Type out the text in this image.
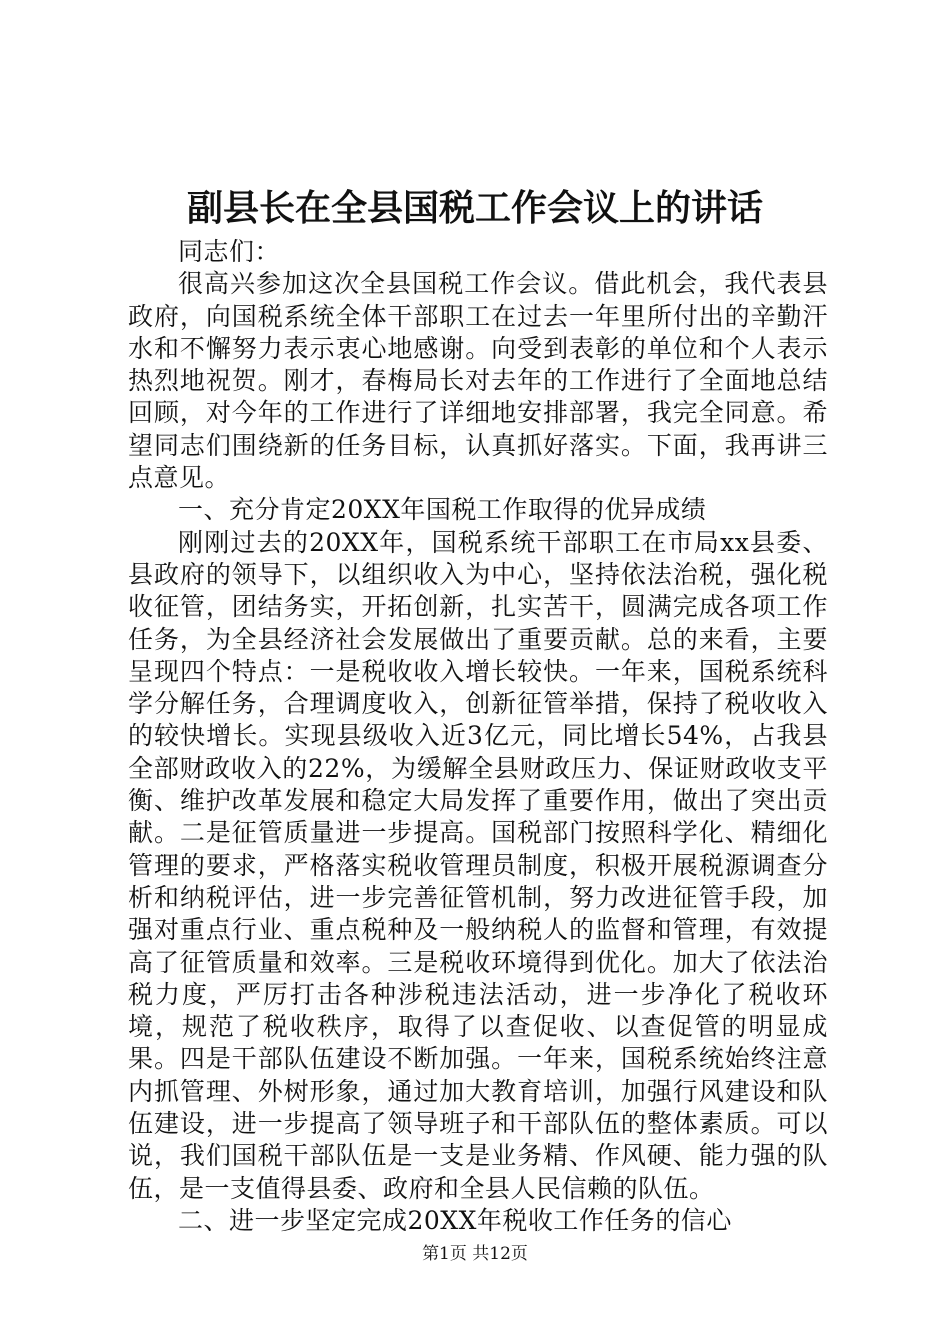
副县长在全县国税工作会议上的讲话

同志们：

很高兴参加这次全县国税工作会议。借此机会，我代表县政府，向国税系统全体干部职工在过去一年里所付出的辛勤汗水和不懈努力表示衷心地感谢。向受到表彰的单位和个人表示热烈地祝贺。刚才，春梅局长对去年的工作进行了全面地总结回顾，对今年的工作进行了详细地安排部署，我完全同意。希望同志们围绕新的任务目标，认真抓好落实。下面，我再讲三点意见。

一、充分肯定20XX年国税工作取得的优异成绩

刚刚过去的20XX年，国税系统干部职工在市局xx县委、县政府的领导下，以组织收入为中心，坚持依法治税，强化税收征管，团结务实，开拓创新，扎实苦干，圆满完成各项工作任务，为全县经济社会发展做出了重要贡献。总的来看，主要呈现四个特点：一是税收收入增长较快。一年来，国税系统科学分解任务，合理调度收入，创新征管举措，保持了税收收入的较快增长。实现县级收入近3亿元，同比增长54%，占我县全部财政收入的22%，为缓解全县财政压力、保证财政收支平衡、维护改革发展和稳定大局发挥了重要作用，做出了突出贡献。二是征管质量进一步提高。国税部门按照科学化、精细化管理的要求，严格落实税收管理员制度，积极开展税源调查分析和纳税评估，进一步完善征管机制，努力改进征管手段，加强对重点行业、重点税种及一般纳税人的监督和管理，有效提高了征管质量和效率。三是税收环境得到优化。加大了依法治税力度，严厉打击各种涉税违法活动，进一步净化了税收环境，规范了税收秩序，取得了以查促收、以查促管的明显成果。四是干部队伍建设不断加强。一年来，国税系统始终注意内抓管理、外树形象，通过加大教育培训，加强行风建设和队伍建设，进一步提高了领导班子和干部队伍的整体素质。可以说，我们国税干部队伍是一支是业务精、作风硬、能力强的队伍，是一支值得县委、政府和全县人民信赖的队伍。

二、进一步坚定完成20XX年税收工作任务的信心

第1页 共12页
